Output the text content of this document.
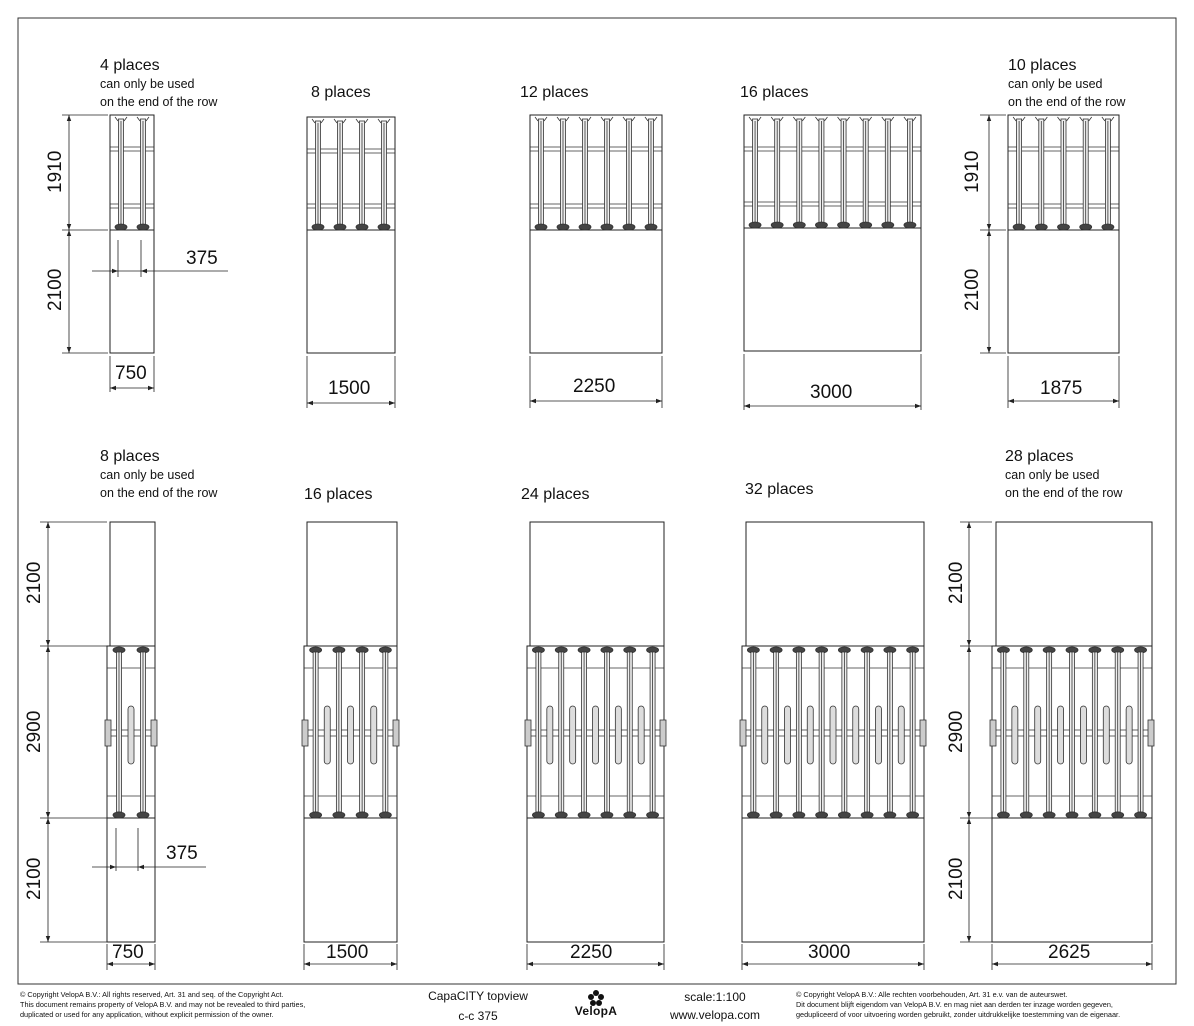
4 places
can only be used
on the end of the row
8 places	12 places	16 places
10 places
can only be used
on the end of the row
1910
2100
375
1910
2100
750
1500	2250	3000	1875
8 places
can only be used
on the end of the row	16 places	24 places	32 places
28 places
can only be used
on the end of the row
2100
2900
2100
375
2100
2900
2100
750	1500	2250	3000	2625
© Copyright VelopA B.V.: All rights reserved, Art. 31 and seq. of the Copyright Act.
This document remains property of VelopA B.V. and may not be revealed to third parties,
duplicated or used for any application, without explicit permission of the owner.
CapaCITY topview
c-c 375	VelopA
scale:1:100
www.velopa.com
© Copyright VelopA B.V.: Alle rechten voorbehouden, Art. 31 e.v. van de auteurswet.
Dit document blijft eigendom van VelopA B.V. en mag niet aan derden ter inzage worden gegeven,
gedupliceerd of voor uitvoering worden gebruikt, zonder uitdrukkelijke toestemming van de eigenaar.
